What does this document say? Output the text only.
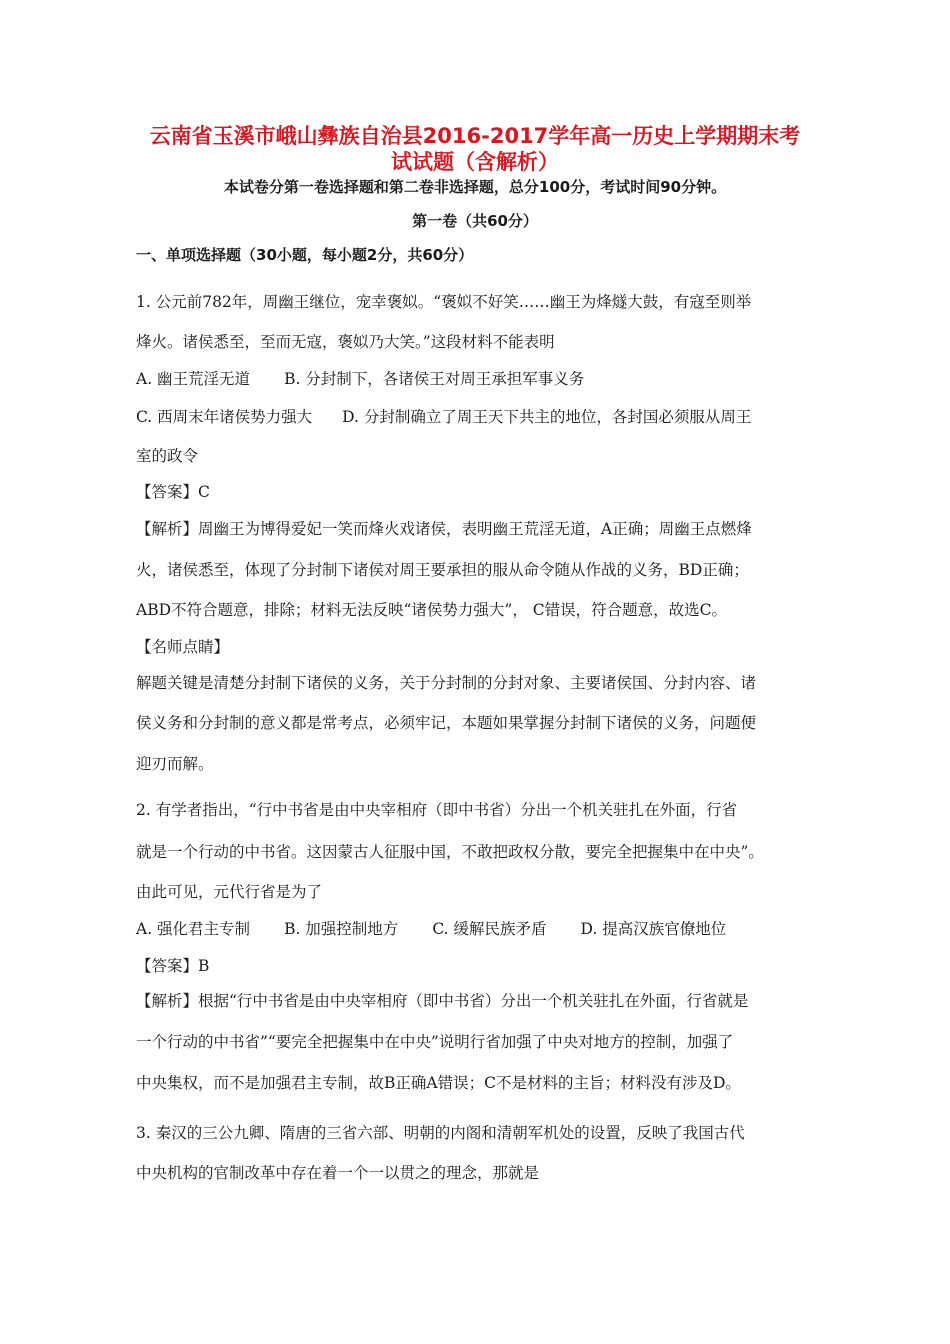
云南省玉溪市峨山彝族自治县2016-2017学年高一历史上学期期末考
试试题（含解析）
本试卷分第一卷选择题和第二卷非选择题，总分100分，考试时间90分钟。
第一卷（共60分）
一、单项选择题（30小题，每小题2分，共60分）
1. 公元前782年，周幽王继位，宠幸褒姒。“褒姒不好笑……幽王为烽燧大鼓，有寇至则举
烽火。诸侯悉至，至而无寇，褒姒乃大笑。”这段材料不能表明
A. 幽王荒淫无道 B. 分封制下，各诸侯王对周王承担军事义务
C. 西周末年诸侯势力强大 D. 分封制确立了周王天下共主的地位，各封国必须服从周王
室的政令
【答案】C
【解析】周幽王为博得爱妃一笑而烽火戏诸侯，表明幽王荒淫无道，A正确；周幽王点燃烽
火，诸侯悉至，体现了分封制下诸侯对周王要承担的服从命令随从作战的义务，BD正确；
ABD不符合题意，排除；材料无法反映“诸侯势力强大”， C错误，符合题意，故选C。
【名师点睛】
解题关键是清楚分封制下诸侯的义务，关于分封制的分封对象、主要诸侯国、分封内容、诸
侯义务和分封制的意义都是常考点，必须牢记，本题如果掌握分封制下诸侯的义务，问题便
迎刃而解。
2. 有学者指出，“行中书省是由中央宰相府（即中书省）分出一个机关驻扎在外面，行省
就是一个行动的中书省。这因蒙古人征服中国，不敢把政权分散，要完全把握集中在中央”。
由此可见，元代行省是为了
A. 强化君主专制 B. 加强控制地方 C. 缓解民族矛盾 D. 提高汉族官僚地位
【答案】B
【解析】根据“行中书省是由中央宰相府（即中书省）分出一个机关驻扎在外面，行省就是
一个行动的中书省”“要完全把握集中在中央”说明行省加强了中央对地方的控制，加强了
中央集权，而不是加强君主专制，故B正确A错误；C不是材料的主旨；材料没有涉及D。
3. 秦汉的三公九卿、隋唐的三省六部、明朝的内阁和清朝军机处的设置，反映了我国古代
中央机构的官制改革中存在着一个一以贯之的理念，那就是
